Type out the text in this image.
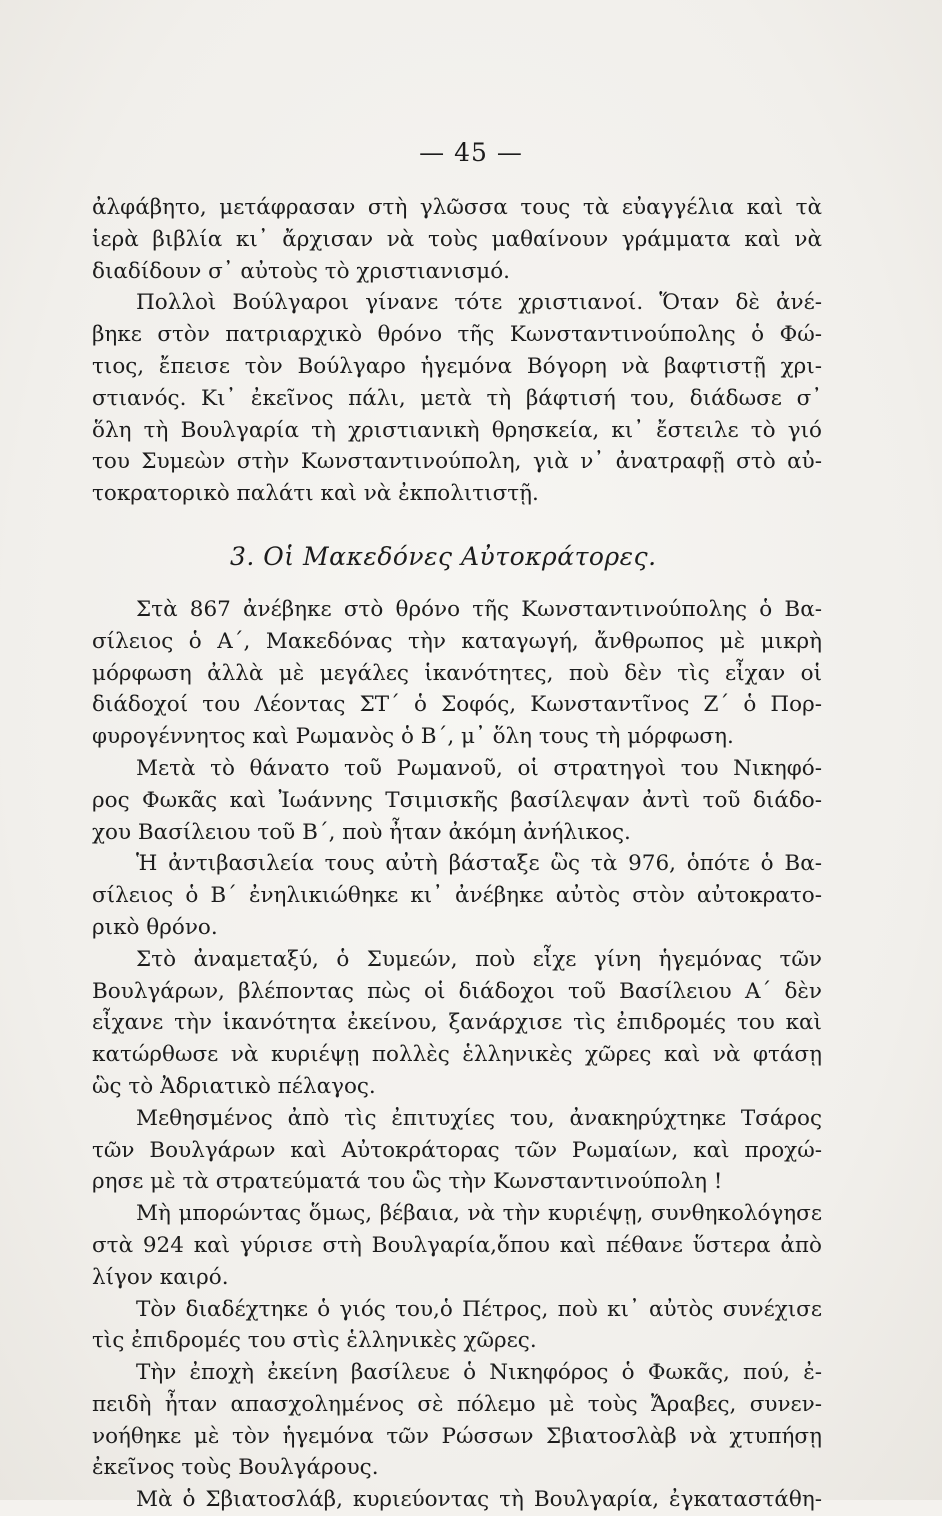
— 45 —
ἀλφάβητο, μετάφρασαν στὴ γλῶσσα τους τὰ εὐαγγέλια καὶ τὰ
ἱερὰ βιβλία κι᾿ ἄρχισαν νὰ τοὺς μαθαίνουν γράμματα καὶ νὰ
διαδίδουν σ᾿ αὐτοὺς τὸ χριστιανισμό.
Πολλοὶ Βούλγαροι γίνανε τότε χριστιανοί. Ὅταν δὲ ἀνέ-
βηκε στὸν πατριαρχικὸ θρόνο τῆς Κωνσταντινούπολης ὁ Φώ-
τιος, ἔπεισε τὸν Βούλγαρο ἡγεμόνα Βόγορη νὰ βαφτιστῇ χρι-
στιανός. Κι᾿ ἐκεῖνος πάλι, μετὰ τὴ βάφτισή του, διάδωσε σ᾿
ὅλη τὴ Βουλγαρία τὴ χριστιανικὴ θρησκεία, κι᾿ ἔστειλε τὸ γιό
του Συμεὼν στὴν Κωνσταντινούπολη, γιὰ ν᾿ ἀνατραφῇ στὸ αὐ-
τοκρατορικὸ παλάτι καὶ νὰ ἐκπολιτιστῇ.
3. Οἱ Μακεδόνες Αὐτοκράτορες.
Στὰ 867 ἀνέβηκε στὸ θρόνο τῆς Κωνσταντινούπολης ὁ Βα-
σίλειος ὁ Α΄, Μακεδόνας τὴν καταγωγή, ἄνθρωπος μὲ μικρὴ
μόρφωση ἀλλὰ μὲ μεγάλες ἱκανότητες, ποὺ δὲν τὶς εἶχαν οἱ
διάδοχοί του Λέοντας ΣΤ΄ ὁ Σοφός, Κωνσταντῖνος Ζ΄ ὁ Πορ-
φυρογέννητος καὶ Ρωμανὸς ὁ Β΄, μ᾿ ὅλη τους τὴ μόρφωση.
Μετὰ τὸ θάνατο τοῦ Ρωμανοῦ, οἱ στρατηγοὶ του Νικηφό-
ρος Φωκᾶς καὶ Ἰωάννης Τσιμισκῆς βασίλεψαν ἀντὶ τοῦ διάδο-
χου Βασίλειου τοῦ Β΄, ποὺ ἦταν ἀκόμη ἀνήλικος.
Ἡ ἀντιβασιλεία τους αὐτὴ βάσταξε ὣς τὰ 976, ὁπότε ὁ Βα-
σίλειος ὁ Β΄ ἐνηλικιώθηκε κι᾿ ἀνέβηκε αὐτὸς στὸν αὐτοκρατο-
ρικὸ θρόνο.
Στὸ ἀναμεταξύ, ὁ Συμεών, ποὺ εἶχε γίνη ἡγεμόνας τῶν
Βουλγάρων, βλέποντας πὼς οἱ διάδοχοι τοῦ Βασίλειου Α΄ δὲν
εἶχανε τὴν ἱκανότητα ἐκείνου, ξανάρχισε τὶς ἐπιδρομές του καὶ
κατώρθωσε νὰ κυριέψῃ πολλὲς ἑλληνικὲς χῶρες καὶ νὰ φτάσῃ
ὣς τὸ Ἀδριατικὸ πέλαγος.
Μεθησμένος ἀπὸ τὶς ἐπιτυχίες του, ἀνακηρύχτηκε Τσάρος
τῶν Βουλγάρων καὶ Αὐτοκράτορας τῶν Ρωμαίων, καὶ προχώ-
ρησε μὲ τὰ στρατεύματά του ὣς τὴν Κωνσταντινούπολη !
Μὴ μπορώντας ὅμως, βέβαια, νὰ τὴν κυριέψῃ, συνθηκολόγησε
στὰ 924 καὶ γύρισε στὴ Βουλγαρία,ὅπου καὶ πέθανε ὕστερα ἀπὸ
λίγον καιρό.
Τὸν διαδέχτηκε ὁ γιός του,ὁ Πέτρος, ποὺ κι᾿ αὐτὸς συνέχισε
τὶς ἐπιδρομές του στὶς ἑλληνικὲς χῶρες.
Τὴν ἐποχὴ ἐκείνη βασίλευε ὁ Νικηφόρος ὁ Φωκᾶς, πού, ἐ-
πειδὴ ἦταν απασχολημένος σὲ πόλεμο μὲ τοὺς Ἄραβες, συνεν-
νοήθηκε μὲ τὸν ἡγεμόνα τῶν Ρώσσων Σβιατοσλὰβ νὰ χτυπήσῃ
ἐκεῖνος τοὺς Βουλγάρους.
Μὰ ὁ Σβιατοσλάβ, κυριεύοντας τὴ Βουλγαρία, ἐγκαταστάθη-
